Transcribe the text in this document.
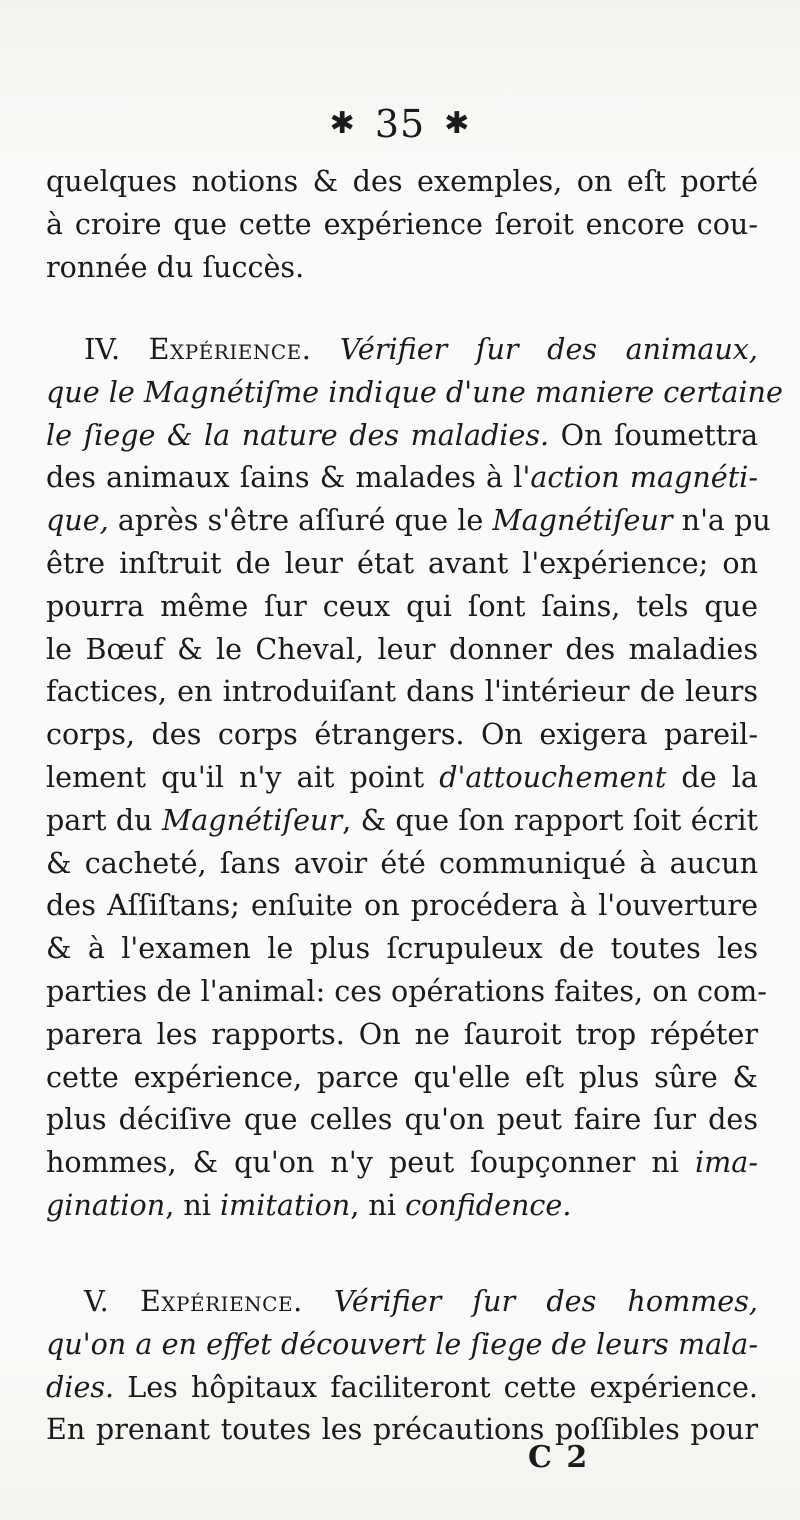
✱ 35 ✱
quelques notions & des exemples, on eſt porté
à croire que cette expérience ſeroit encore cou-
ronnée du ſuccès.
IV. Expérience. Vérifier ſur des animaux,
que le Magnétiſme indique d'une maniere certaine
le ſiege & la nature des maladies. On ſoumettra
des animaux ſains & malades à l'action magnéti-
que, après s'être aſſuré que le Magnétiſeur n'a pu
être inſtruit de leur état avant l'expérience; on
pourra même ſur ceux qui ſont ſains, tels que
le Bœuf & le Cheval, leur donner des maladies
factices, en introduiſant dans l'intérieur de leurs
corps, des corps étrangers. On exigera pareil-
lement qu'il n'y ait point d'attouchement de la
part du Magnétiſeur, & que ſon rapport ſoit écrit
& cacheté, ſans avoir été communiqué à aucun
des Aſſiſtans; enſuite on procédera à l'ouverture
& à l'examen le plus ſcrupuleux de toutes les
parties de l'animal: ces opérations faites, on com-
parera les rapports. On ne ſauroit trop répéter
cette expérience, parce qu'elle eſt plus sûre &
plus déciſive que celles qu'on peut faire ſur des
hommes, & qu'on n'y peut ſoupçonner ni ima-
gination, ni imitation, ni confidence.
V. Expérience. Vérifier ſur des hommes,
qu'on a en effet découvert le ſiege de leurs mala-
dies. Les hôpitaux faciliteront cette expérience.
En prenant toutes les précautions poſſibles pour
C 2
